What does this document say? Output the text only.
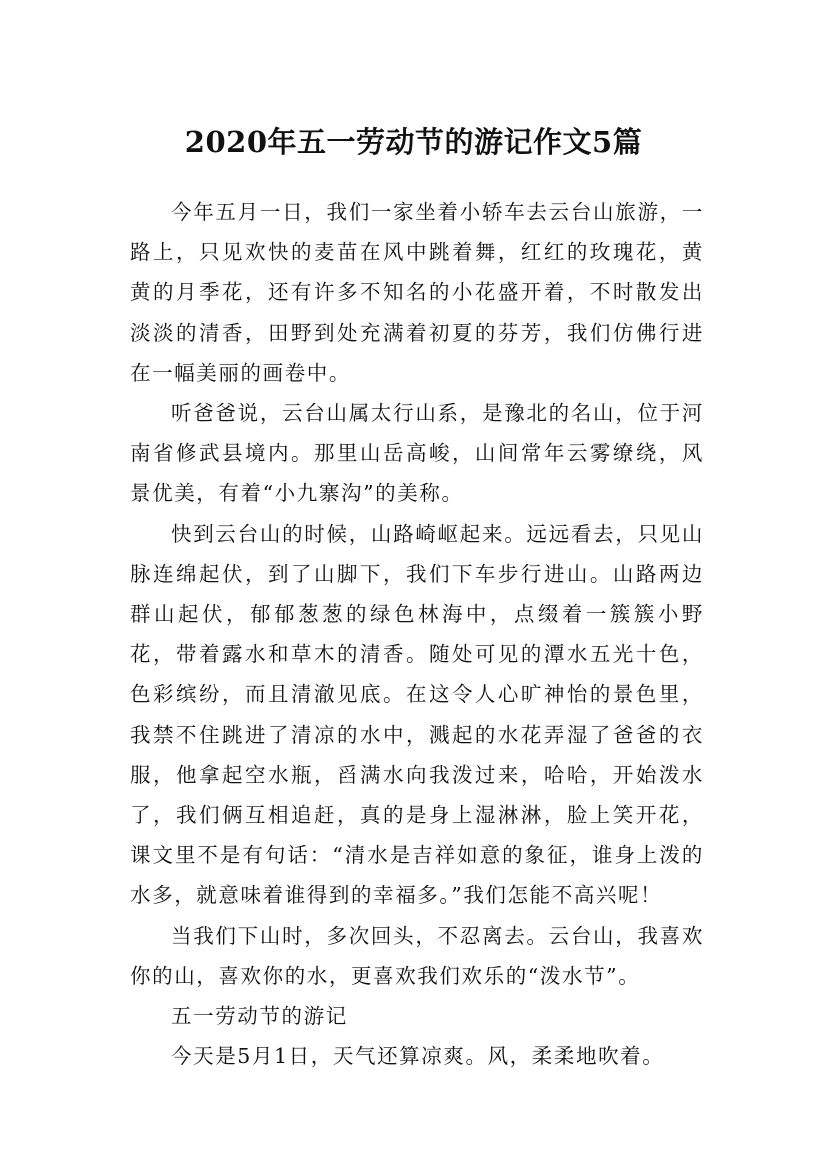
2020年五一劳动节的游记作文5篇

今年五月一日，我们一家坐着小轿车去云台山旅游，一路上，只见欢快的麦苗在风中跳着舞，红红的玫瑰花，黄黄的月季花，还有许多不知名的小花盛开着，不时散发出淡淡的清香，田野到处充满着初夏的芬芳，我们仿佛行进在一幅美丽的画卷中。

听爸爸说，云台山属太行山系，是豫北的名山，位于河南省修武县境内。那里山岳高峻，山间常年云雾缭绕，风景优美，有着“小九寨沟”的美称。

快到云台山的时候，山路崎岖起来。远远看去，只见山脉连绵起伏，到了山脚下，我们下车步行进山。山路两边群山起伏，郁郁葱葱的绿色林海中，点缀着一簇簇小野花，带着露水和草木的清香。随处可见的潭水五光十色，色彩缤纷，而且清澈见底。在这令人心旷神怡的景色里，我禁不住跳进了清凉的水中，溅起的水花弄湿了爸爸的衣服，他拿起空水瓶，舀满水向我泼过来，哈哈，开始泼水了，我们俩互相追赶，真的是身上湿淋淋，脸上笑开花，课文里不是有句话：“清水是吉祥如意的象征，谁身上泼的水多，就意味着谁得到的幸福多。”我们怎能不高兴呢！

当我们下山时，多次回头，不忍离去。云台山，我喜欢你的山，喜欢你的水，更喜欢我们欢乐的“泼水节”。

五一劳动节的游记

今天是5月1日，天气还算凉爽。风，柔柔地吹着。
